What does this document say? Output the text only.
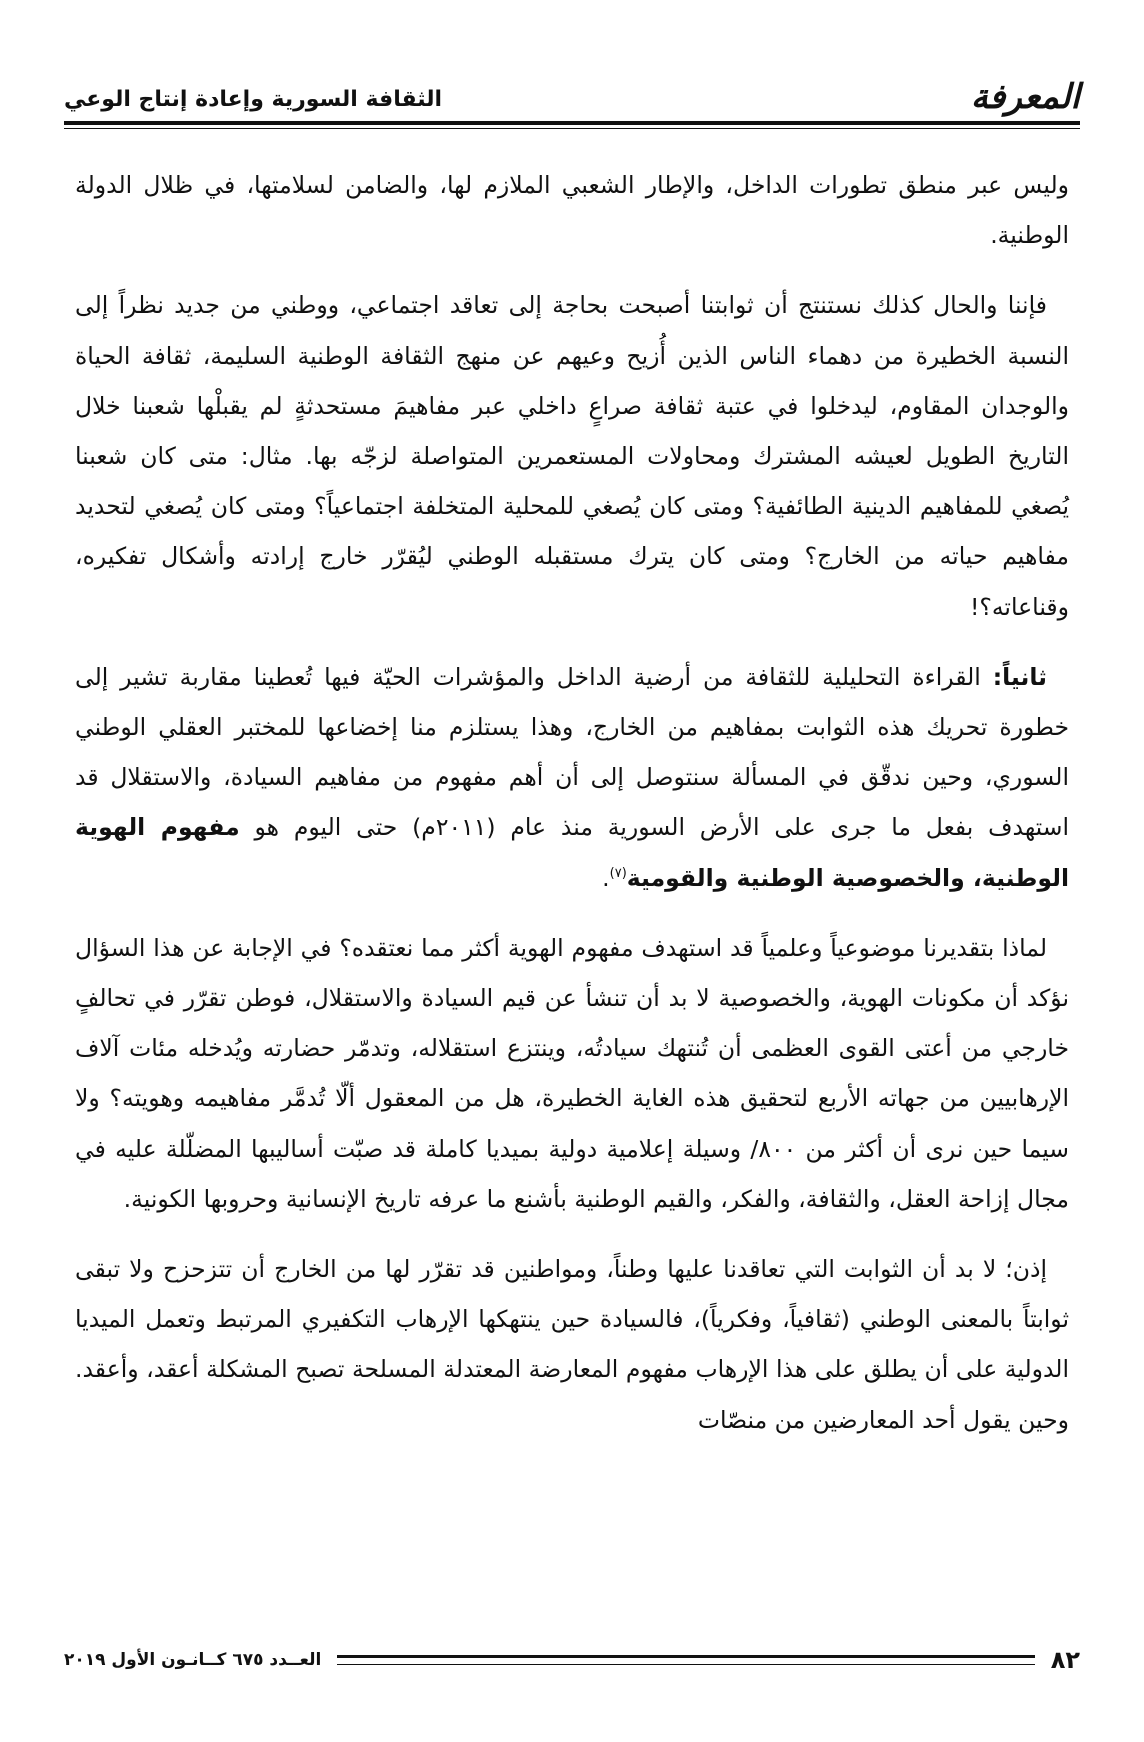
المعرفة
الثقافة السورية وإعادة إنتاج الوعي

وليس عبر منطق تطورات الداخل، والإطار الشعبي الملازم لها، والضامن لسلامتها، في ظلال الدولة الوطنية.

فإننا والحال كذلك نستنتج أن ثوابتنا أصبحت بحاجة إلى تعاقد اجتماعي، ووطني من جديد نظراً إلى النسبة الخطيرة من دهماء الناس الذين أُزيح وعيهم عن منهج الثقافة الوطنية السليمة، ثقافة الحياة والوجدان المقاوم، ليدخلوا في عتبة ثقافة صراعٍ داخلي عبر مفاهيمَ مستحدثةٍ لم يقبلْها شعبنا خلال التاريخ الطويل لعيشه المشترك ومحاولات المستعمرين المتواصلة لزجّه بها. مثال: متى كان شعبنا يُصغي للمفاهيم الدينية الطائفية؟ ومتى كان يُصغي للمحلية المتخلفة اجتماعياً؟ ومتى كان يُصغي لتحديد مفاهيم حياته من الخارج؟ ومتى كان يترك مستقبله الوطني ليُقرّر خارج إرادته وأشكال تفكيره، وقناعاته؟!

ثانياً: القراءة التحليلية للثقافة من أرضية الداخل والمؤشرات الحيّة فيها تُعطينا مقاربة تشير إلى خطورة تحريك هذه الثوابت بمفاهيم من الخارج، وهذا يستلزم منا إخضاعها للمختبر العقلي الوطني السوري، وحين ندقّق في المسألة سنتوصل إلى أن أهم مفهوم من مفاهيم السيادة، والاستقلال قد استهدف بفعل ما جرى على الأرض السورية منذ عام (٢٠١١م) حتى اليوم هو مفهوم الهوية الوطنية، والخصوصية الوطنية والقومية$^{(٧)}$.

لماذا بتقديرنا موضوعياً وعلمياً قد استهدف مفهوم الهوية أكثر مما نعتقده؟ في الإجابة عن هذا السؤال نؤكد أن مكونات الهوية، والخصوصية لا بد أن تنشأ عن قيم السيادة والاستقلال، فوطن تقرّر في تحالفٍ خارجي من أعتى القوى العظمى أن تُنتهك سيادتُه، وينتزع استقلاله، وتدمّر حضارته ويُدخله مئات آلاف الإرهابيين من جهاته الأربع لتحقيق هذه الغاية الخطيرة، هل من المعقول ألّا تُدمَّر مفاهيمه وهويته؟ ولا سيما حين نرى أن أكثر من ٨٠٠/ وسيلة إعلامية دولية بميديا كاملة قد صبّت أساليبها المضلّلة عليه في مجال إزاحة العقل، والثقافة، والفكر، والقيم الوطنية بأشنع ما عرفه تاريخ الإنسانية وحروبها الكونية.

إذن؛ لا بد أن الثوابت التي تعاقدنا عليها وطناً، ومواطنين قد تقرّر لها من الخارج أن تتزحزح ولا تبقى ثوابتاً بالمعنى الوطني (ثقافياً، وفكرياً)، فالسيادة حين ينتهكها الإرهاب التكفيري المرتبط وتعمل الميديا الدولية على أن يطلق على هذا الإرهاب مفهوم المعارضة المعتدلة المسلحة تصبح المشكلة أعقد، وأعقد. وحين يقول أحد المعارضين من منصّات

٨٢
العــدد ٦٧٥ كــانـون الأول ٢٠١٩
